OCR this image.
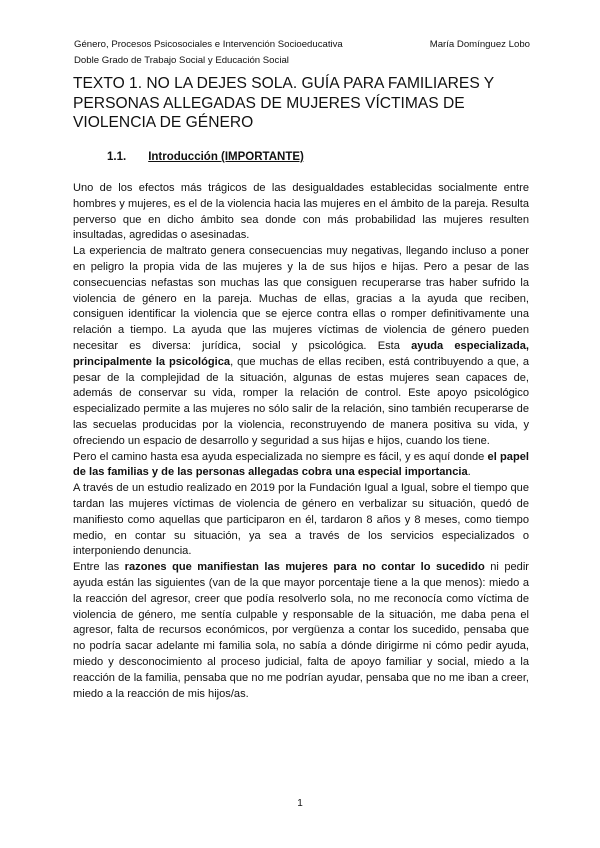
Género, Procesos Psicosociales e Intervención Socioeducativa	María Domínguez Lobo
Doble Grado de Trabajo Social y Educación Social
TEXTO 1. NO LA DEJES SOLA. GUÍA PARA FAMILIARES Y PERSONAS ALLEGADAS DE MUJERES VÍCTIMAS DE VIOLENCIA DE GÉNERO
1.1. Introducción (IMPORTANTE)

Uno de los efectos más trágicos de las desigualdades establecidas socialmente entre hombres y mujeres, es el de la violencia hacia las mujeres en el ámbito de la pareja. Resulta perverso que en dicho ámbito sea donde con más probabilidad las mujeres resulten insultadas, agredidas o asesinadas.

La experiencia de maltrato genera consecuencias muy negativas, llegando incluso a poner en peligro la propia vida de las mujeres y la de sus hijos e hijas. Pero a pesar de las consecuencias nefastas son muchas las que consiguen recuperarse tras haber sufrido la violencia de género en la pareja. Muchas de ellas, gracias a la ayuda que reciben, consiguen identificar la violencia que se ejerce contra ellas o romper definitivamente una relación a tiempo. La ayuda que las mujeres víctimas de violencia de género pueden necesitar es diversa: jurídica, social y psicológica. Esta ayuda especializada, principalmente la psicológica, que muchas de ellas reciben, está contribuyendo a que, a pesar de la complejidad de la situación, algunas de estas mujeres sean capaces de, además de conservar su vida, romper la relación de control. Este apoyo psicológico especializado permite a las mujeres no sólo salir de la relación, sino también recuperarse de las secuelas producidas por la violencia, reconstruyendo de manera positiva su vida, y ofreciendo un espacio de desarrollo y seguridad a sus hijas e hijos, cuando los tiene.

Pero el camino hasta esa ayuda especializada no siempre es fácil, y es aquí donde el papel de las familias y de las personas allegadas cobra una especial importancia.

A través de un estudio realizado en 2019 por la Fundación Igual a Igual, sobre el tiempo que tardan las mujeres víctimas de violencia de género en verbalizar su situación, quedó de manifiesto como aquellas que participaron en él, tardaron 8 años y 8 meses, como tiempo medio, en contar su situación, ya sea a través de los servicios especializados o interponiendo denuncia.

Entre las razones que manifiestan las mujeres para no contar lo sucedido ni pedir ayuda están las siguientes (van de la que mayor porcentaje tiene a la que menos): miedo a la reacción del agresor, creer que podía resolverlo sola, no me reconocía como víctima de violencia de género, me sentía culpable y responsable de la situación, me daba pena el agresor, falta de recursos económicos, por vergüenza a contar los sucedido, pensaba que no podría sacar adelante mi familia sola, no sabía a dónde dirigirme ni cómo pedir ayuda, miedo y desconocimiento al proceso judicial, falta de apoyo familiar y social, miedo a la reacción de la familia, pensaba que no me podrían ayudar, pensaba que no me iban a creer, miedo a la reacción de mis hijos/as.

1
